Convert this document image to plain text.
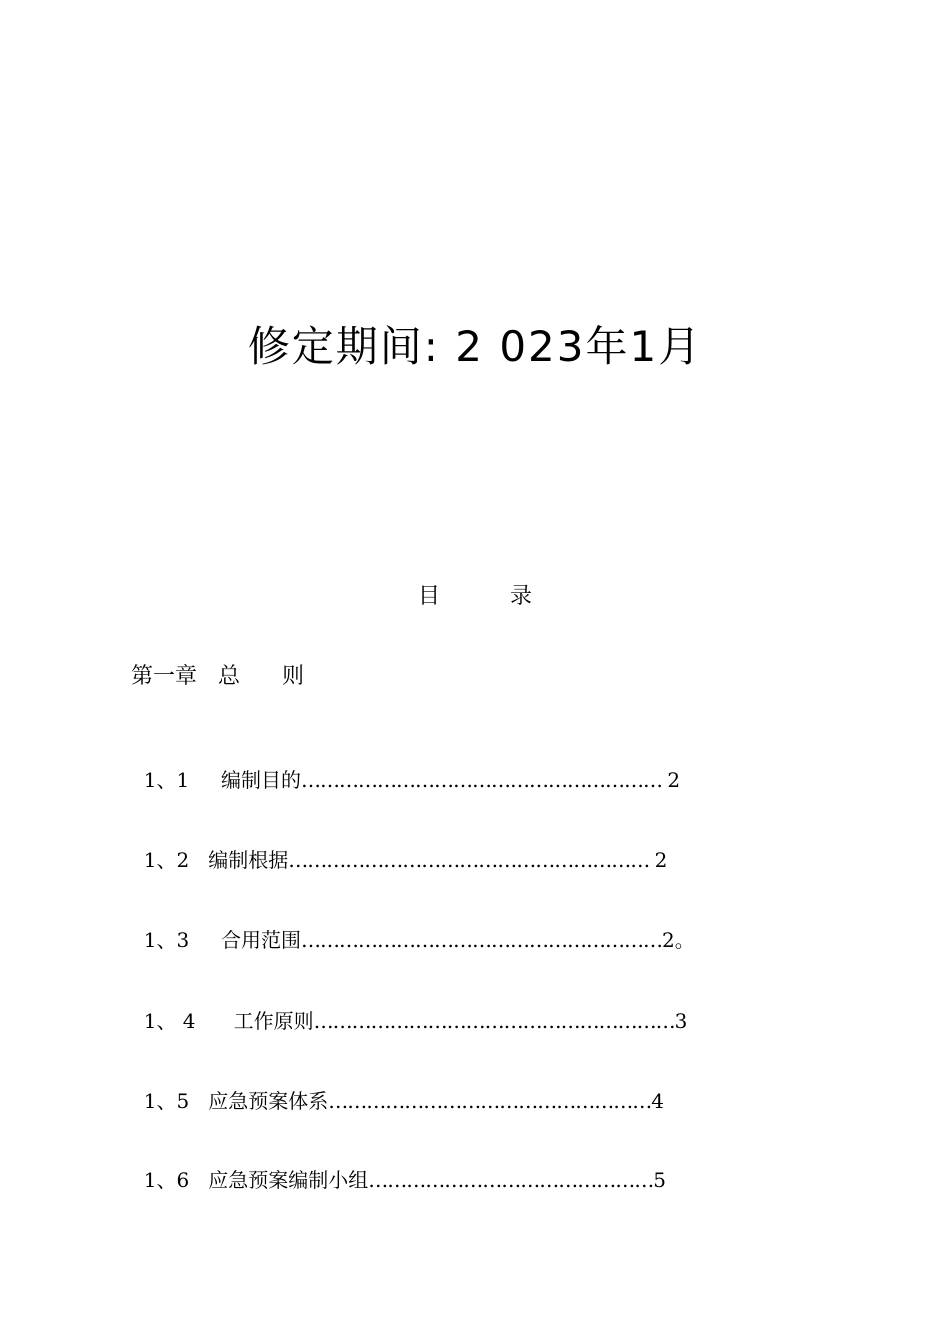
修定期间: 2 023年1月
目          录
第一章   总      则

1、1     编制目的………………………………………………… 2

1、2   编制根据………………………………………………… 2

1、3     合用范围…………………………………………………2。

1、 4      工作原则…………………………………………………3

1、5   应急预案体系……………………………………………4

1、6   应急预案编制小组………………………………………5
